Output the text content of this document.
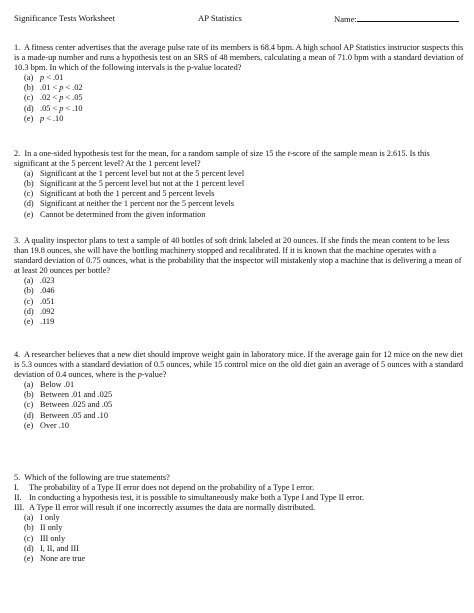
Significance Tests Worksheet	AP Statistics	Name:

1. A fitness center advertises that the average pulse rate of its members is 68.4 bpm. A high school AP Statistics instructor suspects this is a made-up number and runs a hypothesis test on an SRS of 48 members, calculating a mean of 71.0 bpm with a standard deviation of 10.3 bpm. In which of the following intervals is the p-value located?

(a) p < .01
(b) .01 < p < .02
(c) .02 < p < .05
(d) .05 < p < .10
(e) p < .10

2. In a one-sided hypothesis test for the mean, for a random sample of size 15 the t-score of the sample mean is 2.615. Is this significant at the 5 percent level? At the 1 percent level?

(a) Significant at the 1 percent level but not at the 5 percent level
(b) Significant at the 5 percent level but not at the 1 percent level
(c) Significant at both the 1 percent and 5 percent levels
(d) Significant at neither the 1 percent nor the 5 percent levels
(e) Cannot be determined from the given information

3. A quality inspector plans to test a sample of 40 bottles of soft drink labeled at 20 ounces. If she finds the mean content to be less than 19.8 ounces, she will have the bottling machinery stopped and recalibrated. If it is known that the machine operates with a standard deviation of 0.75 ounces, what is the probability that the inspector will mistakenly stop a machine that is delivering a mean of at least 20 ounces per bottle?

(a) .023
(b) .046
(c) .051
(d) .092
(e) .119

4. A researcher believes that a new diet should improve weight gain in laboratory mice. If the average gain for 12 mice on the new diet is 5.3 ounces with a standard deviation of 0.5 ounces, while 15 control mice on the old diet gain an average of 5 ounces with a standard deviation of 0.4 ounces, where is the p-value?

(a) Below .01
(b) Between .01 and .025
(c) Between .025 and .05
(d) Between .05 and .10
(e) Over .10

5. Which of the following are true statements?

I. The probability of a Type II error does not depend on the probability of a Type I error.
II. In conducting a hypothesis test, it is possible to simultaneously make both a Type I and Type II error.
III. A Type II error will result if one incorrectly assumes the data are normally distributed.
(a) I only
(b) II only
(c) III only
(d) I, II, and III
(e) None are true
